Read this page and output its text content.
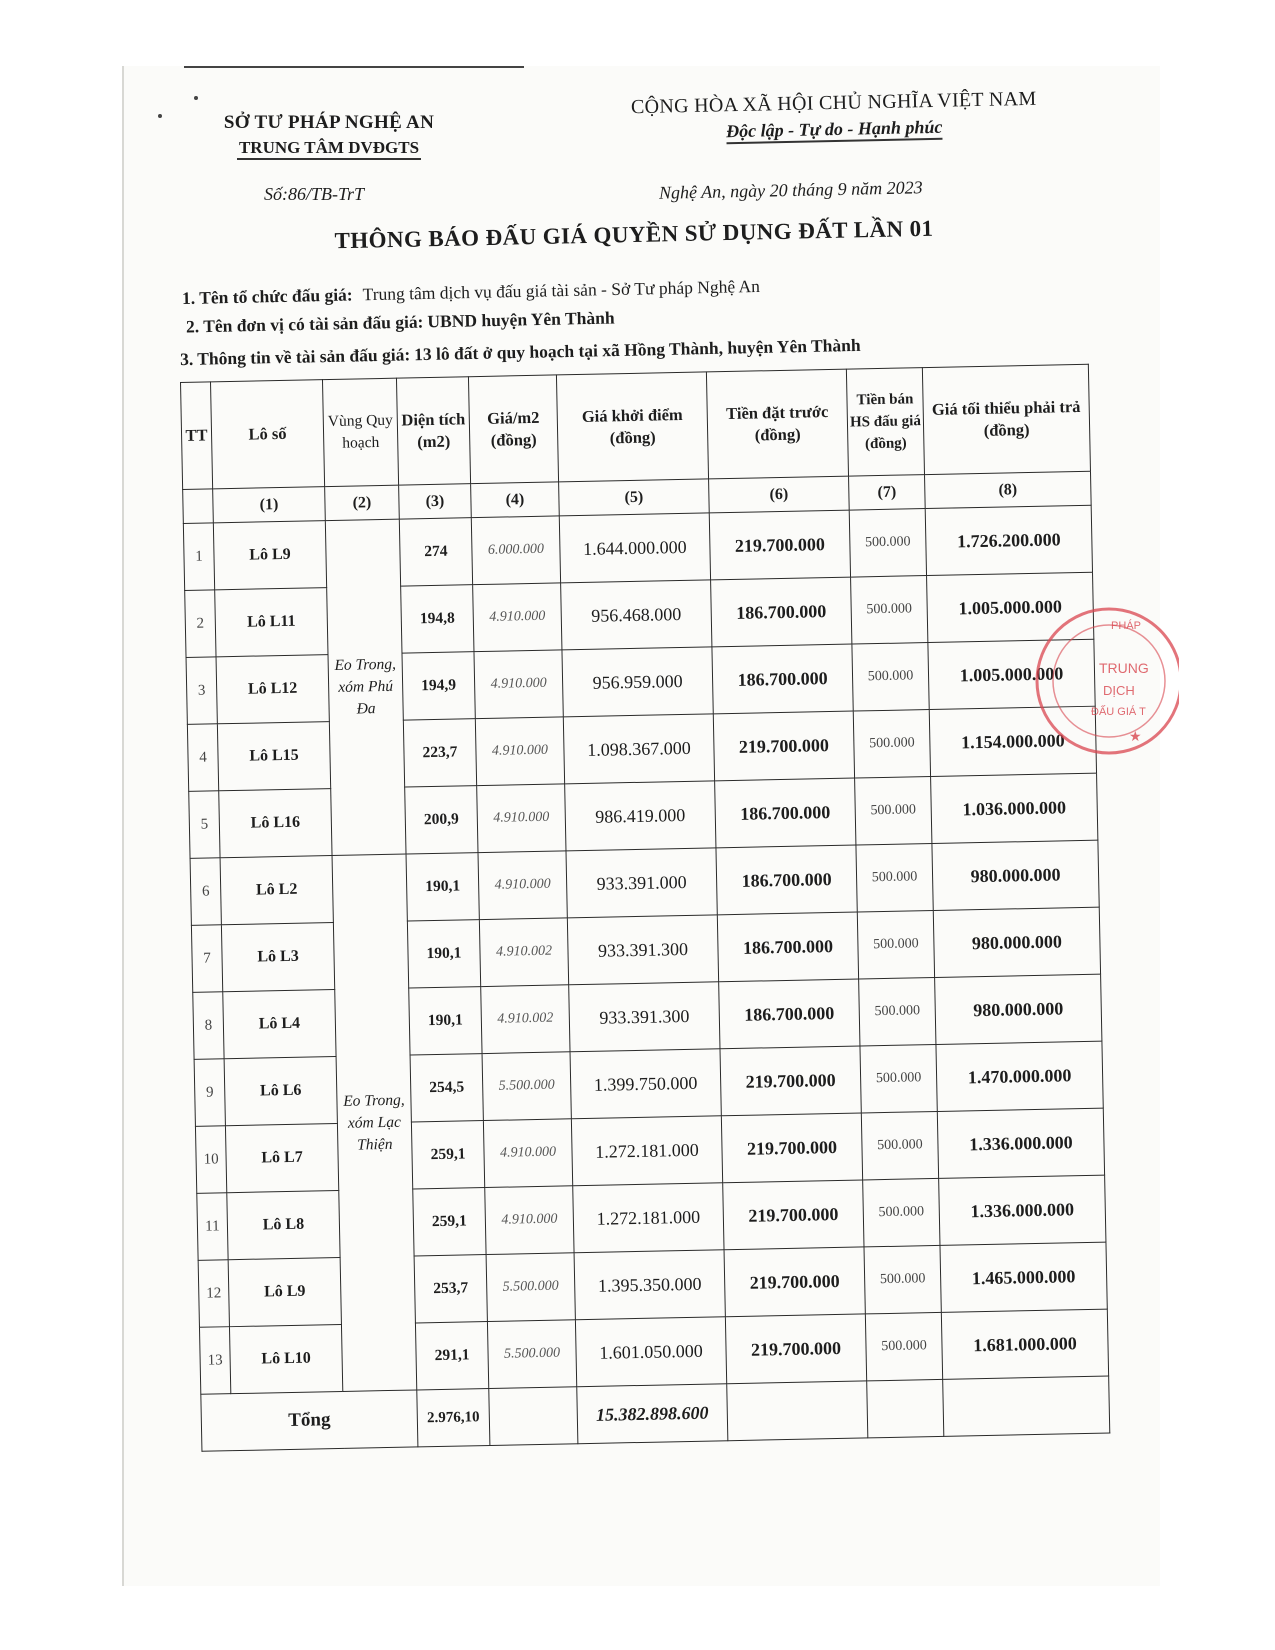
SỞ TƯ PHÁP NGHỆ AN
TRUNG TÂM DVĐGTS
Số:86/TB-TrT
CỘNG HÒA XÃ HỘI CHỦ NGHĨA VIỆT NAM
Độc lập - Tự do - Hạnh phúc
Nghệ An, ngày 20 tháng 9 năm 2023
THÔNG BÁO ĐẤU GIÁ QUYỀN SỬ DỤNG ĐẤT LẦN 01
1. Tên tổ chức đấu giá: Trung tâm dịch vụ đấu giá tài sản - Sở Tư pháp Nghệ An
2. Tên đơn vị có tài sản đấu giá: UBND huyện Yên Thành
3. Thông tin về tài sản đấu giá: 13 lô đất ở quy hoạch tại xã Hồng Thành, huyện Yên Thành
TT	Lô số	Vùng Quy hoạch	Diện tích (m2)	Giá/m2 (đồng)	Giá khởi điểm (đồng)	Tiền đặt trước (đồng)	Tiền bán HS đấu giá (đồng)	Giá tối thiểu phải trả (đồng)
	(1)	(2)	(3)	(4)	(5)	(6)	(7)	(8)
1	Lô L9	Eo Trong, xóm Phú Đa	274	6.000.000	1.644.000.000	219.700.000	500.000	1.726.200.000
2	Lô L11		194,8	4.910.000	956.468.000	186.700.000	500.000	1.005.000.000
3	Lô L12		194,9	4.910.000	956.959.000	186.700.000	500.000	1.005.000.000
4	Lô L15		223,7	4.910.000	1.098.367.000	219.700.000	500.000	1.154.000.000
5	Lô L16		200,9	4.910.000	986.419.000	186.700.000	500.000	1.036.000.000
6	Lô L2	Eo Trong, xóm Lạc Thiện	190,1	4.910.000	933.391.000	186.700.000	500.000	980.000.000
7	Lô L3		190,1	4.910.002	933.391.300	186.700.000	500.000	980.000.000
8	Lô L4		190,1	4.910.002	933.391.300	186.700.000	500.000	980.000.000
9	Lô L6		254,5	5.500.000	1.399.750.000	219.700.000	500.000	1.470.000.000
10	Lô L7		259,1	4.910.000	1.272.181.000	219.700.000	500.000	1.336.000.000
11	Lô L8		259,1	4.910.000	1.272.181.000	219.700.000	500.000	1.336.000.000
12	Lô L9		253,7	5.500.000	1.395.350.000	219.700.000	500.000	1.465.000.000
13	Lô L10		291,1	5.500.000	1.601.050.000	219.700.000	500.000	1.681.000.000
Tổng			2.976,10		15.382.898.600			
PHÁP
TRUNG
DỊCH
ĐẤU GIÁ T
★
